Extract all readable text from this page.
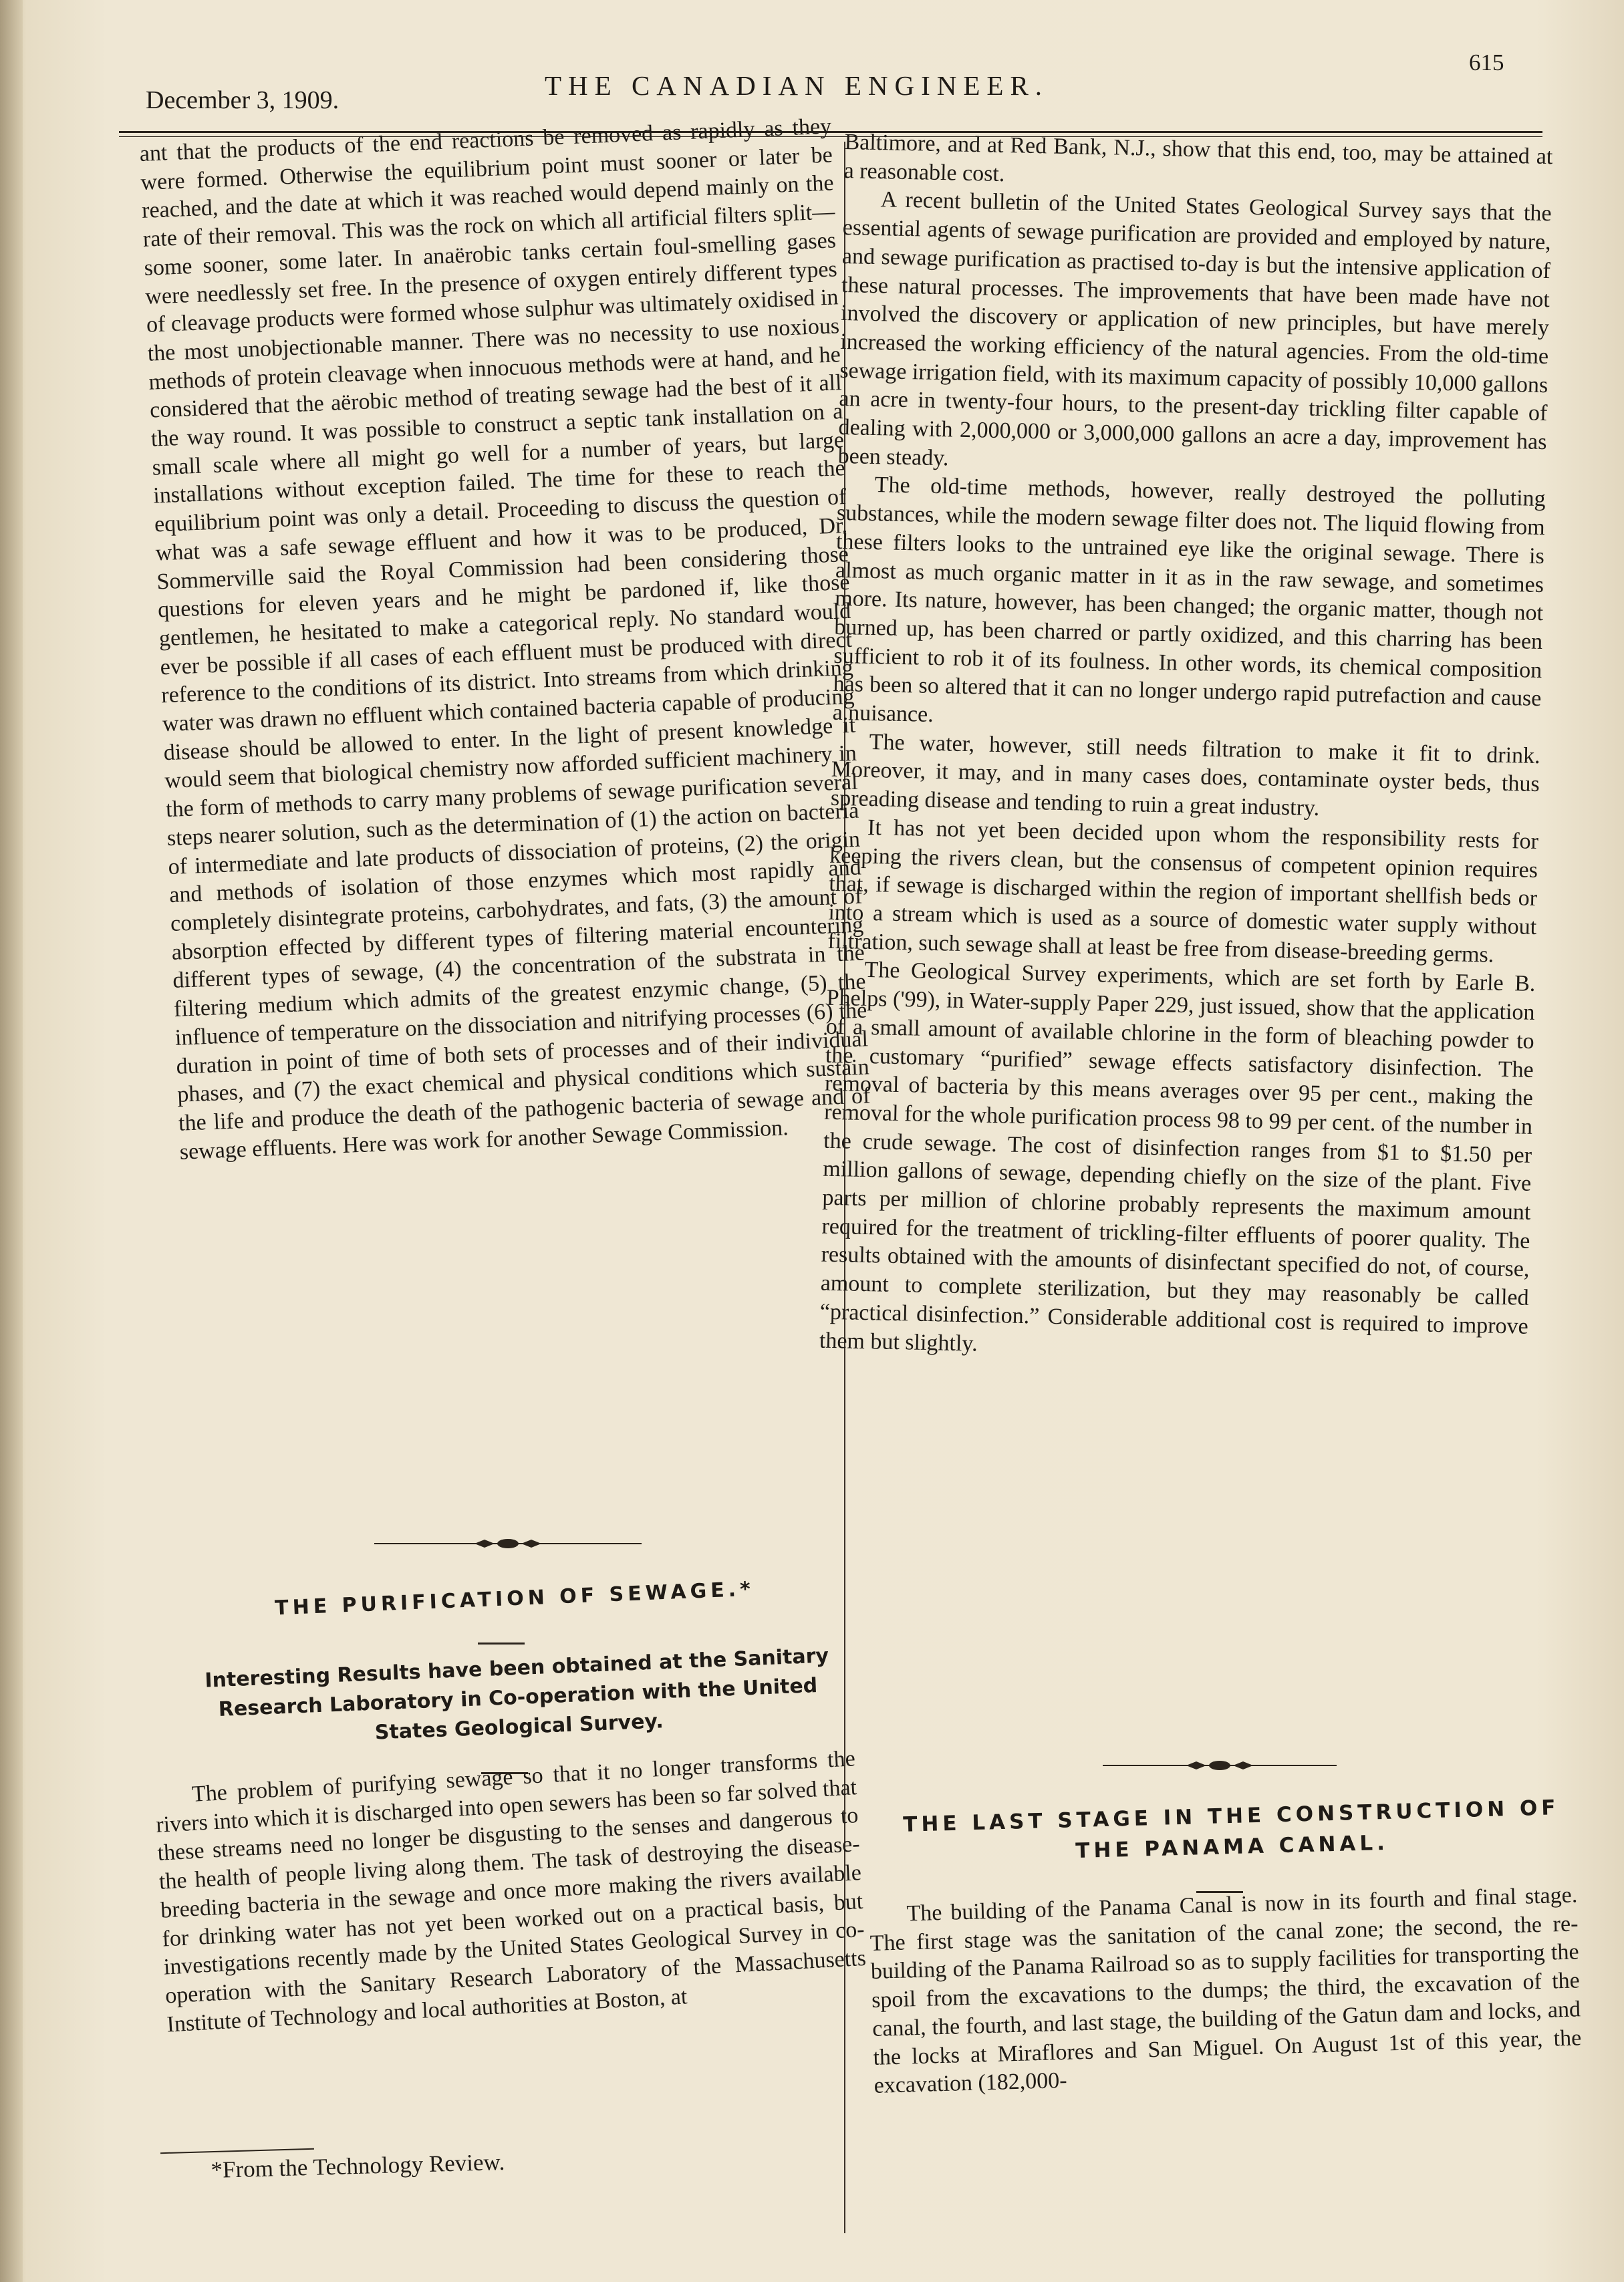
December 3, 1909.	THE CANADIAN ENGINEER.
615

ant that the products of the end reactions be removed as rapidly as they were formed. Otherwise the equilibrium point must sooner or later be reached, and the date at which it was reached would depend mainly on the rate of their removal. This was the rock on which all artificial filters split—some sooner, some later. In anaërobic tanks certain foul-smelling gases were needlessly set free. In the presence of oxygen entirely different types of cleavage products were formed whose sulphur was ultimately oxidised in the most unobjectionable manner. There was no necessity to use noxious methods of protein cleavage when innocuous methods were at hand, and he considered that the aërobic method of treating sewage had the best of it all the way round. It was possible to construct a septic tank installation on a small scale where all might go well for a number of years, but large installations without exception failed. The time for these to reach the equilibrium point was only a detail. Proceeding to discuss the question of what was a safe sewage effluent and how it was to be produced, Dr. Sommerville said the Royal Commission had been considering those questions for eleven years and he might be pardoned if, like those gentlemen, he hesitated to make a categorical reply. No standard would ever be possible if all cases of each effluent must be produced with direct reference to the conditions of its district. Into streams from which drinking water was drawn no effluent which contained bacteria capable of producing disease should be allowed to enter. In the light of present knowledge it would seem that biological chemistry now afforded sufficient machinery in the form of methods to carry many problems of sewage purification several steps nearer solution, such as the determination of (1) the action on bacteria of intermediate and late products of dissociation of proteins, (2) the origin and methods of isolation of those enzymes which most rapidly and completely disintegrate proteins, carbohydrates, and fats, (3) the amount of absorption effected by different types of filtering material encountering different types of sewage, (4) the concentration of the substrata in the filtering medium which admits of the greatest enzymic change, (5) the influence of temperature on the dissociation and nitrifying processes (6) the duration in point of time of both sets of processes and of their individual phases, and (7) the exact chemical and physical conditions which sustain the life and produce the death of the pathogenic bacteria of sewage and of sewage effluents. Here was work for another Sewage Commission.

THE PURIFICATION OF SEWAGE.*
Interesting Results have been obtained at the Sanitary Research Laboratory in Co-operation with the United States Geological Survey.

The problem of purifying sewage so that it no longer transforms the rivers into which it is discharged into open sewers has been so far solved that these streams need no longer be disgusting to the senses and dangerous to the health of people living along them. The task of destroying the disease-breeding bacteria in the sewage and once more making the rivers available for drinking water has not yet been worked out on a practical basis, but investigations recently made by the United States Geological Survey in co-operation with the Sanitary Research Laboratory of the Massachusetts Institute of Technology and local authorities at Boston, at

*From the Technology Review.

Baltimore, and at Red Bank, N.J., show that this end, too, may be attained at a reasonable cost.

A recent bulletin of the United States Geological Survey says that the essential agents of sewage purification are provided and employed by nature, and sewage purification as practised to-day is but the intensive application of these natural processes. The improvements that have been made have not involved the discovery or application of new principles, but have merely increased the working efficiency of the natural agencies. From the old-time sewage irrigation field, with its maximum capacity of possibly 10,000 gallons an acre in twenty-four hours, to the present-day trickling filter capable of dealing with 2,000,000 or 3,000,000 gallons an acre a day, improvement has been steady.

The old-time methods, however, really destroyed the polluting substances, while the modern sewage filter does not. The liquid flowing from these filters looks to the untrained eye like the original sewage. There is almost as much organic matter in it as in the raw sewage, and sometimes more. Its nature, however, has been changed; the organic matter, though not burned up, has been charred or partly oxidized, and this charring has been sufficient to rob it of its foulness. In other words, its chemical composition has been so altered that it can no longer undergo rapid putrefaction and cause a nuisance.

The water, however, still needs filtration to make it fit to drink. Moreover, it may, and in many cases does, contaminate oyster beds, thus spreading disease and tending to ruin a great industry.

It has not yet been decided upon whom the responsibility rests for keeping the rivers clean, but the consensus of competent opinion requires that, if sewage is discharged within the region of important shellfish beds or into a stream which is used as a source of domestic water supply without filtration, such sewage shall at least be free from disease-breeding germs.

The Geological Survey experiments, which are set forth by Earle B. Phelps ('99), in Water-supply Paper 229, just issued, show that the application of a small amount of available chlorine in the form of bleaching powder to the customary “purified” sewage effects satisfactory disinfection. The removal of bacteria by this means averages over 95 per cent., making the removal for the whole purification process 98 to 99 per cent. of the number in the crude sewage. The cost of disinfection ranges from $1 to $1.50 per million gallons of sewage, depending chiefly on the size of the plant. Five parts per million of chlorine probably represents the maximum amount required for the treatment of trickling-filter effluents of poorer quality. The results obtained with the amounts of disinfectant specified do not, of course, amount to complete sterilization, but they may reasonably be called “practical disinfection.” Considerable additional cost is required to improve them but slightly.

THE LAST STAGE IN THE CONSTRUCTION OF THE PANAMA CANAL.

The building of the Panama Canal is now in its fourth and final stage. The first stage was the sanitation of the canal zone; the second, the re-building of the Panama Railroad so as to supply facilities for transporting the spoil from the excavations to the dumps; the third, the excavation of the canal, the fourth, and last stage, the building of the Gatun dam and locks, and the locks at Miraflores and San Miguel. On August 1st of this year, the excavation (182,000-
